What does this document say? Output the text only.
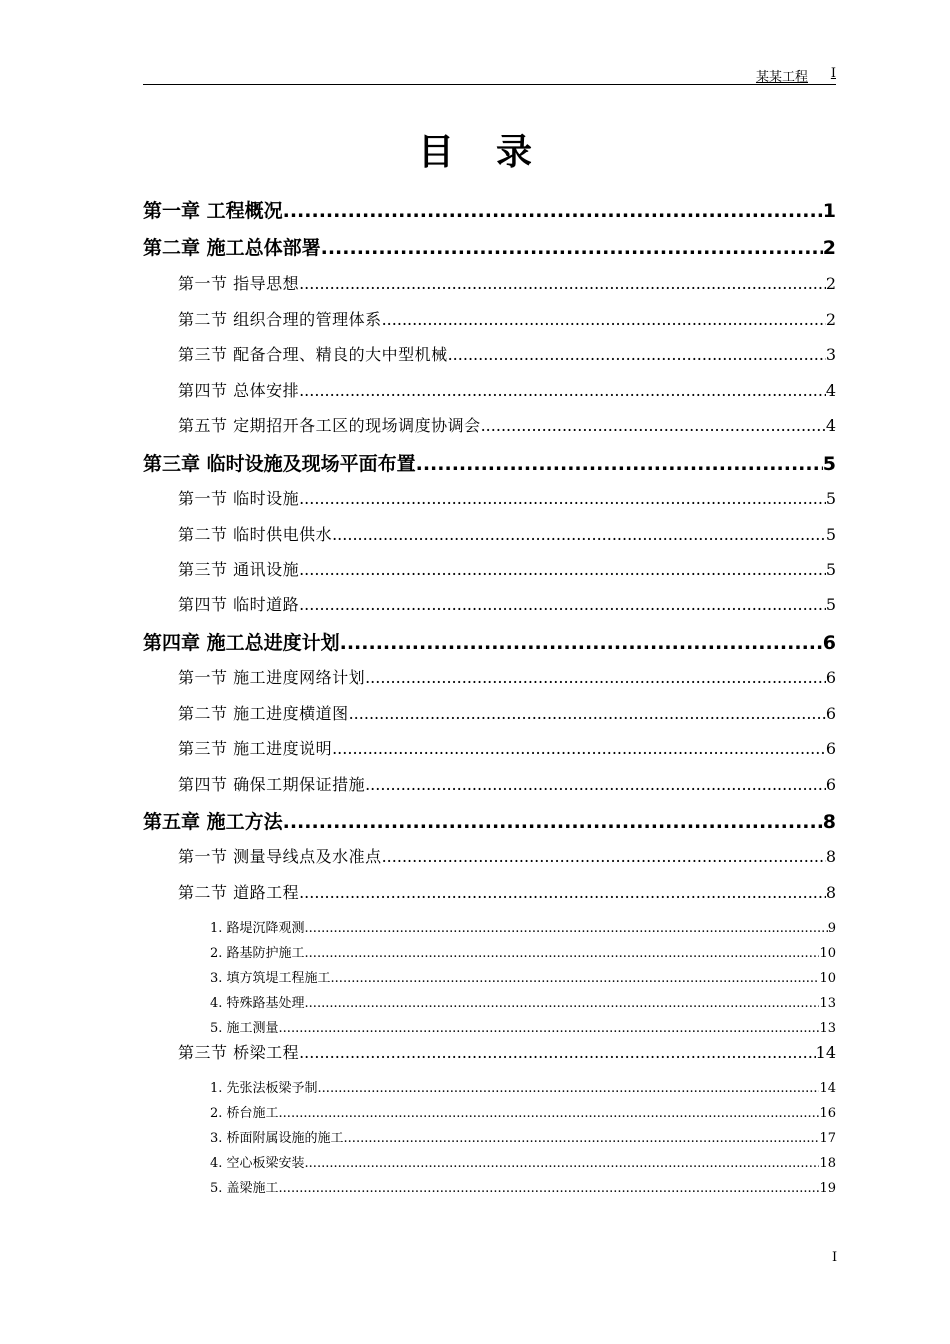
某某工程 I
目录
第一章 工程概况 .....	1
第二章 施工总体部署 .....	2
第一节 指导思想 .....	2
第二节 组织合理的管理体系 .....	2
第三节 配备合理、精良的大中型机械 .....	3
第四节 总体安排 .....	4
第五节 定期招开各工区的现场调度协调会 .....	4
第三章 临时设施及现场平面布置 .....	5
第一节 临时设施 .....	5
第二节 临时供电供水 .....	5
第三节 通讯设施 .....	5
第四节 临时道路 .....	5
第四章 施工总进度计划 .....	6
第一节 施工进度网络计划 .....	6
第二节 施工进度横道图 .....	6
第三节 施工进度说明 .....	6
第四节 确保工期保证措施 .....	6
第五章 施工方法 .....	8
第一节 测量导线点及水准点 .....	8
第二节 道路工程 .....	8
1. 路堤沉降观测 .....	9
2. 路基防护施工 .....	10
3. 填方筑堤工程施工 .....	10
4. 特殊路基处理 .....	13
5. 施工测量 .....	13
第三节 桥梁工程 .....	14
1. 先张法板梁予制 .....	14
2. 桥台施工 .....	16
3. 桥面附属设施的施工 .....	17
4. 空心板梁安装 .....	18
5. 盖梁施工 .....	19
I
